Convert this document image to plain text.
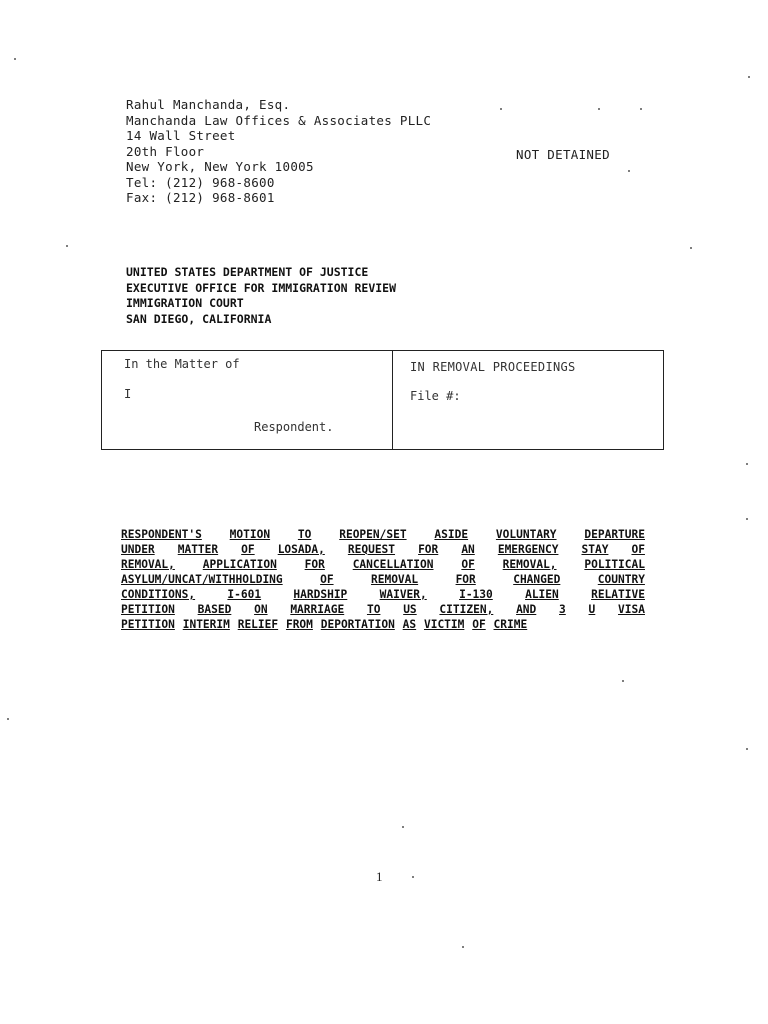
Rahul Manchanda, Esq.
Manchanda Law Offices & Associates PLLC
14 Wall Street
20th Floor
New York, New York 10005
Tel: (212) 968-8600
Fax: (212) 968-8601
NOT DETAINED
UNITED STATES DEPARTMENT OF JUSTICE
EXECUTIVE OFFICE FOR IMMIGRATION REVIEW
IMMIGRATION COURT
SAN DIEGO, CALIFORNIA
In the Matter of
I
Respondent.
IN REMOVAL PROCEEDINGS
File #:
RESPONDENT'S MOTION TO REOPEN/SET ASIDE VOLUNTARY DEPARTURE
UNDER MATTER OF LOSADA, REQUEST FOR AN EMERGENCY STAY OF
REMOVAL, APPLICATION FOR CANCELLATION OF REMOVAL, POLITICAL
ASYLUM/UNCAT/WITHHOLDING	OF	REMOVAL	FOR	CHANGED	COUNTRY
CONDITIONS,	I-601	HARDSHIP	WAIVER,	I-130	ALIEN	RELATIVE
PETITION BASED ON MARRIAGE TO US CITIZEN, AND 3 U VISA
PETITION INTERIM RELIEF FROM DEPORTATION AS VICTIM OF CRIME
1
